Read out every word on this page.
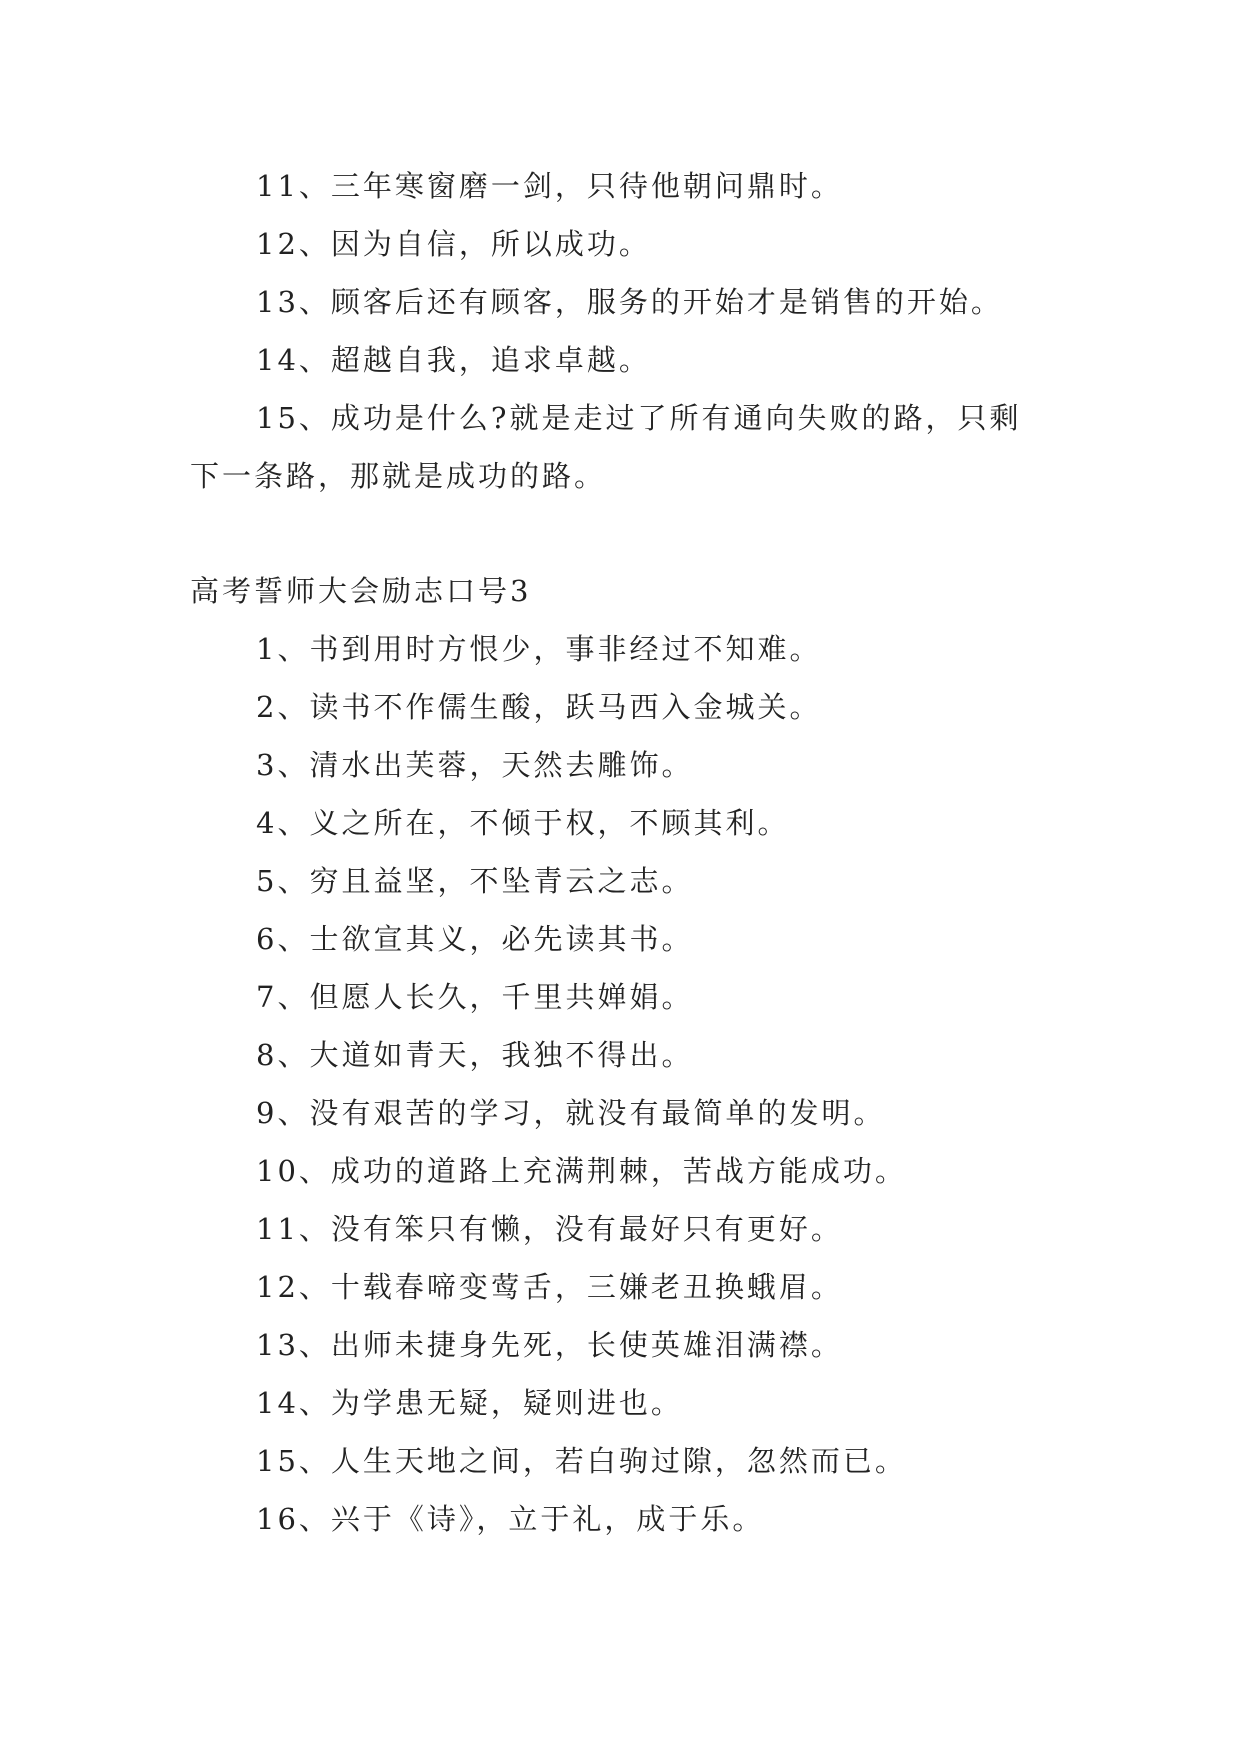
11、三年寒窗磨一剑，只待他朝问鼎时。
12、因为自信，所以成功。
13、顾客后还有顾客，服务的开始才是销售的开始。
14、超越自我，追求卓越。
15、成功是什么?就是走过了所有通向失败的路，只剩
下一条路，那就是成功的路。
高考誓师大会励志口号3
1、书到用时方恨少，事非经过不知难。
2、读书不作儒生酸，跃马西入金城关。
3、清水出芙蓉，天然去雕饰。
4、义之所在，不倾于权，不顾其利。
5、穷且益坚，不坠青云之志。
6、士欲宣其义，必先读其书。
7、但愿人长久，千里共婵娟。
8、大道如青天，我独不得出。
9、没有艰苦的学习，就没有最简单的发明。
10、成功的道路上充满荆棘，苦战方能成功。
11、没有笨只有懒，没有最好只有更好。
12、十载春啼变莺舌，三嫌老丑换蛾眉。
13、出师未捷身先死，长使英雄泪满襟。
14、为学患无疑，疑则进也。
15、人生天地之间，若白驹过隙，忽然而已。
16、兴于《诗》，立于礼，成于乐。
